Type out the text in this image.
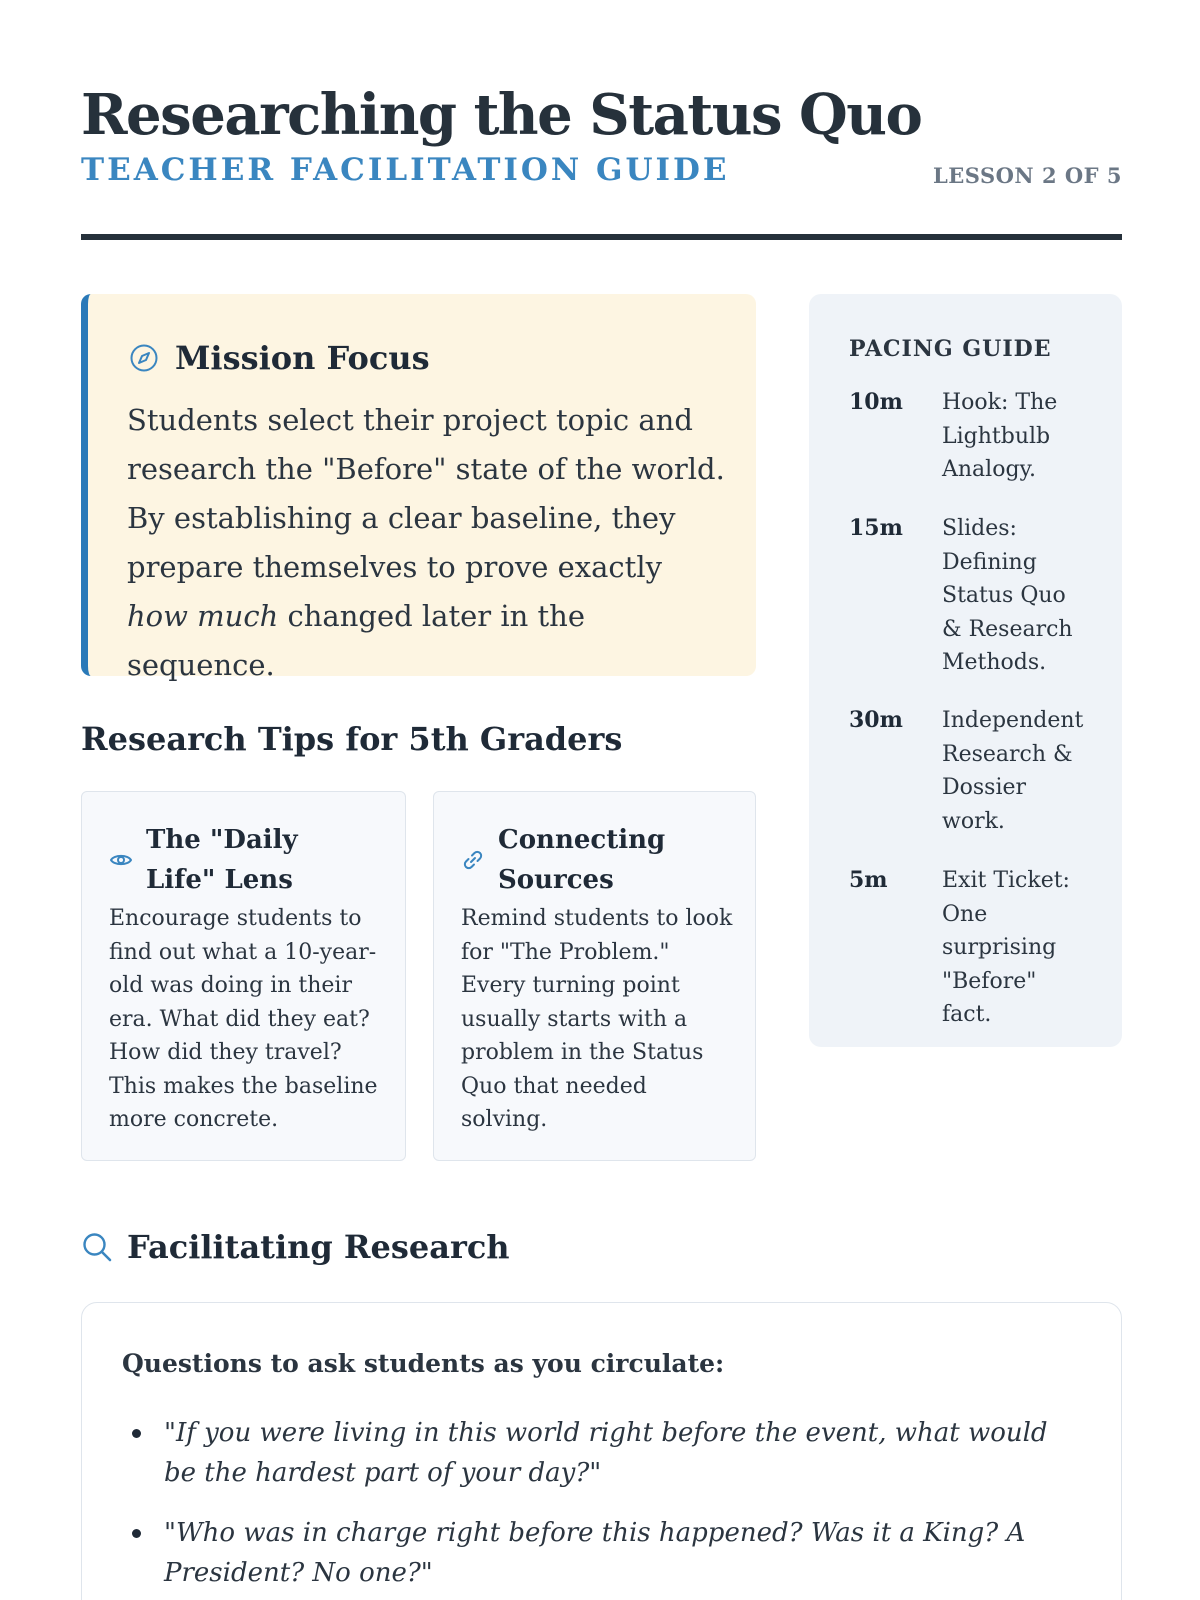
Researching the Status Quo
TEACHER FACILITATION GUIDE	LESSON 2 OF 5
Mission Focus

Students select their project topic and research the "Before" state of the world. By establishing a clear baseline, they prepare themselves to prove exactly how much changed later in the sequence.

PACING GUIDE
10m	Hook: The Lightbulb Analogy.
15m	Slides: Defining Status Quo & Research Methods.
30m	Independent Research & Dossier work.
5m	Exit Ticket: One surprising "Before" fact.
Research Tips for 5th Graders
The "Daily Life" Lens

Encourage students to find out what a 10-year-old was doing in their era. What did they eat? How did they travel? This makes the baseline more concrete.

Connecting Sources

Remind students to look for "The Problem." Every turning point usually starts with a problem in the Status Quo that needed solving.

Facilitating Research
Questions to ask students as you circulate:
"If you were living in this world right before the event, what would be the hardest part of your day?"
"Who was in charge right before this happened? Was it a King? A President? No one?"
